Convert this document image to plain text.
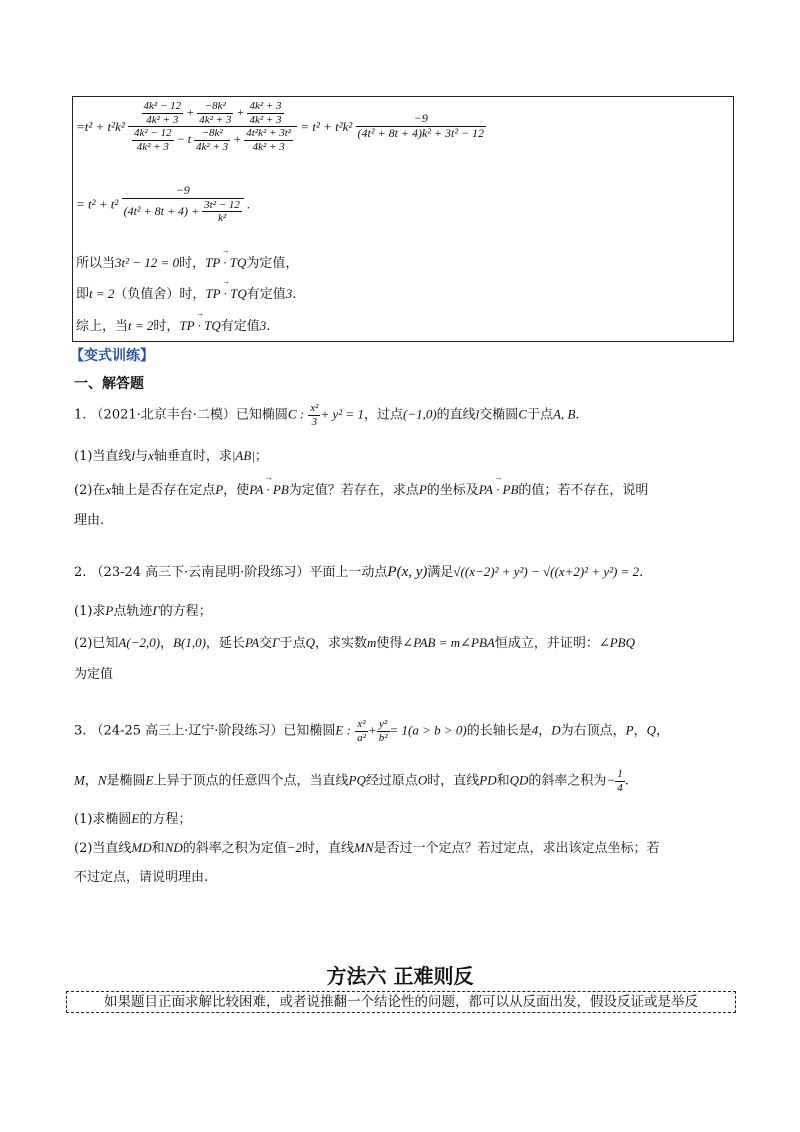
$=t^2 + t^2k^2 \frac{\text{4k² − 12}}{\text{4k² + 3}} + \frac{\text{−8k²}}{\text{4k² + 3}} + \frac{\text{4k² + 3}}{\text{4k² + 3}}$
$\frac{\text{4k² − 12}}{\text{4k² + 3}} - t \frac{\text{−8k²}}{\text{4k² + 3}} + \frac{\text{4t²k² + 3t²}}{\text{4k² + 3}}$
= $t^2 + t^2k^2 \frac{-9}{\text{(4t² + 8t + 4)k² + 3t² − 12}}$
= $t^2 + t^2 \frac{-9}{(4t^2 + 8t + 4) + \frac{\text{3t² − 12}}{\text{k²}}}$ .
所以当3t² − 12 = 0时，→ TP · TQ为定值，
即t = 2（负值舍）时，→ TP · TQ有定值3.
综上，当t = 2时，→ TP · TQ有定值3.
【变式训练】
一、解答题
1. （2021·北京丰台·二模）已知椭圆C : $\frac{\text{x²}}{3} + y^2 = 1$，过点(−1,0)的直线l交椭圆C于点A, B.
(1)当直线l与x轴垂直时，求|AB|；
(2)在x轴上是否存在定点P，使→ PA · PB为定值？若存在，求点P的坐标及→ PA · PB的值；若不存在，说明
理由.
2. （23-24 高三下·云南昆明·阶段练习）平面上一动点P(x, y)满足√((x−2)² + y²) − √((x+2)² + y²) = 2.
(1)求P点轨迹Γ的方程；
(2)已知A(−2,0)，B(1,0)，延长PA交Γ于点Q，求实数m使得∠PAB = m∠PBA恒成立，并证明：∠PBQ
为定值
3. （24-25 高三上·辽宁·阶段练习）已知椭圆E : $\frac{\text{x²}}{\text{a²}} + \frac{\text{y²}}{\text{b²}} = 1(a > b > 0)$的长轴长是4，D为右顶点，P，Q，
M，N是椭圆E上异于顶点的任意四个点，当直线PQ经过原点O时，直线PD和QD的斜率之积为− $\frac{1}{4}$ .
(1)求椭圆E的方程；
(2)当直线MD和ND的斜率之积为定值−2时，直线MN是否过一个定点？若过定点，求出该定点坐标；若
不过定点，请说明理由.
方法六 正难则反
如果题目正面求解比较困难，或者说推翻一个结论性的问题，都可以从反面出发，假设反证或是举反
